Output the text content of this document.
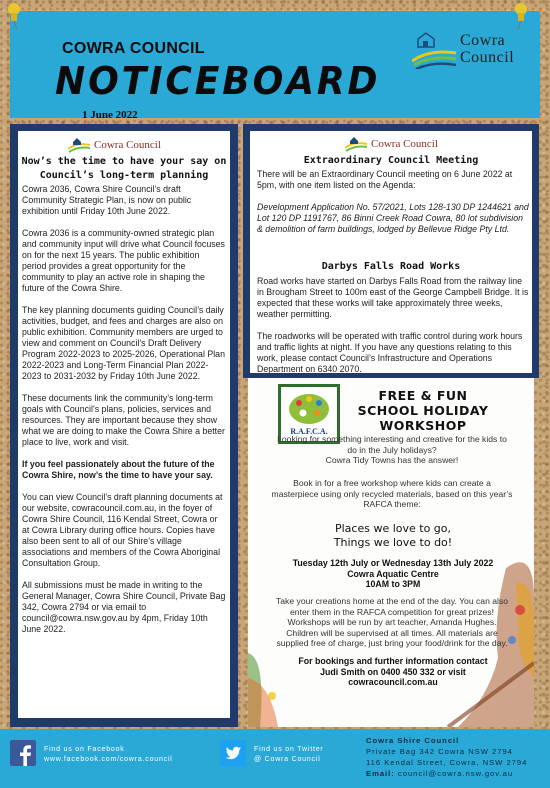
COWRA COUNCIL
NOTICEBOARD
1 June 2022
Cowra
Council
Cowra Council
Now’s the time to have your say on
Council’s long-term planning

Cowra 2036, Cowra Shire Council’s draft Community Strategic Plan, is now on public exhibition until Friday 10th June 2022.

Cowra 2036 is a community-owned strategic plan and community input will drive what Council focuses on for the next 15 years. The public exhibition period provides a great opportunity for the community to play an active role in shaping the future of the Cowra Shire.

The key planning documents guiding Council’s daily activities, budget, and fees and charges are also on public exhibition. Community members are urged to view and comment on Council’s Draft Delivery Program 2022-2023 to 2025-2026, Operational Plan 2022-2023 and Long-Term Financial Plan 2022-2023 to 2031-2032 by Friday 10th June 2022.

These documents link the community’s long-term goals with Council’s plans, policies, services and resources. They are important because they show what we are doing to make the Cowra Shire a better place to live, work and visit.

If you feel passionately about the future of the Cowra Shire, now’s the time to have your say.

You can view Council’s draft planning documents at our website, cowracouncil.com.au, in the foyer of Cowra Shire Council, 116 Kendal Street, Cowra or at Cowra Library during office hours. Copies have also been sent to all of our Shire’s village associations and members of the Cowra Aboriginal Consultation Group.

All submissions must be made in writing to the General Manager, Cowra Shire Council, Private Bag 342, Cowra 2794 or via email to council@cowra.nsw.gov.au by 4pm, Friday 10th June 2022.

Cowra Council
Extraordinary Council Meeting

There will be an Extraordinary Council meeting on 6 June 2022 at 5pm, with one item listed on the Agenda:

Development Application No. 57/2021, Lots 128-130 DP 1244621 and Lot 120 DP 1191767, 86 Binni Creek Road Cowra, 80 lot subdivision & demolition of farm buildings, lodged by Bellevue Ridge Pty Ltd.

Darbys Falls Road Works

Road works have started on Darbys Falls Road from the railway line in Brougham Street to 100m east of the George Campbell Bridge. It is expected that these works will take approximately three weeks, weather permitting.

The roadworks will be operated with traffic control during work hours and traffic lights at night. If you have any questions relating to this work, please contact Council’s Infrastructure and Operations Department on 6340 2070.

R.A.F.C.A.
FREE & FUN
SCHOOL HOLIDAY
WORKSHOP
Looking for something interesting and creative for the kids to
do in the July holidays?
Cowra Tidy Towns has the answer!
Book in for a free workshop where kids can create a
masterpiece using only recycled materials, based on this year’s
RAFCA theme:
Places we love to go,
Things we love to do!
Tuesday 12th July or Wednesday 13th July 2022
Cowra Aquatic Centre
10AM to 3PM
Take your creations home at the end of the day. You can also
enter them in the RAFCA competition for great prizes!
Workshops will be run by art teacher, Amanda Hughes.
Children will be supervised at all times. All materials are
supplied free of charge, just bring your food/drink for the day.
For bookings and further information contact
Judi Smith on 0400 450 332 or visit
cowracouncil.com.au
Find us on Facebook
www.facebook.com/cowra.council
Find us on Twitter
@ Cowra Council
Cowra Shire Council
Private Bag 342 Cowra NSW 2794
116 Kendal Street, Cowra, NSW 2794
Email: council@cowra.nsw.gov.au
